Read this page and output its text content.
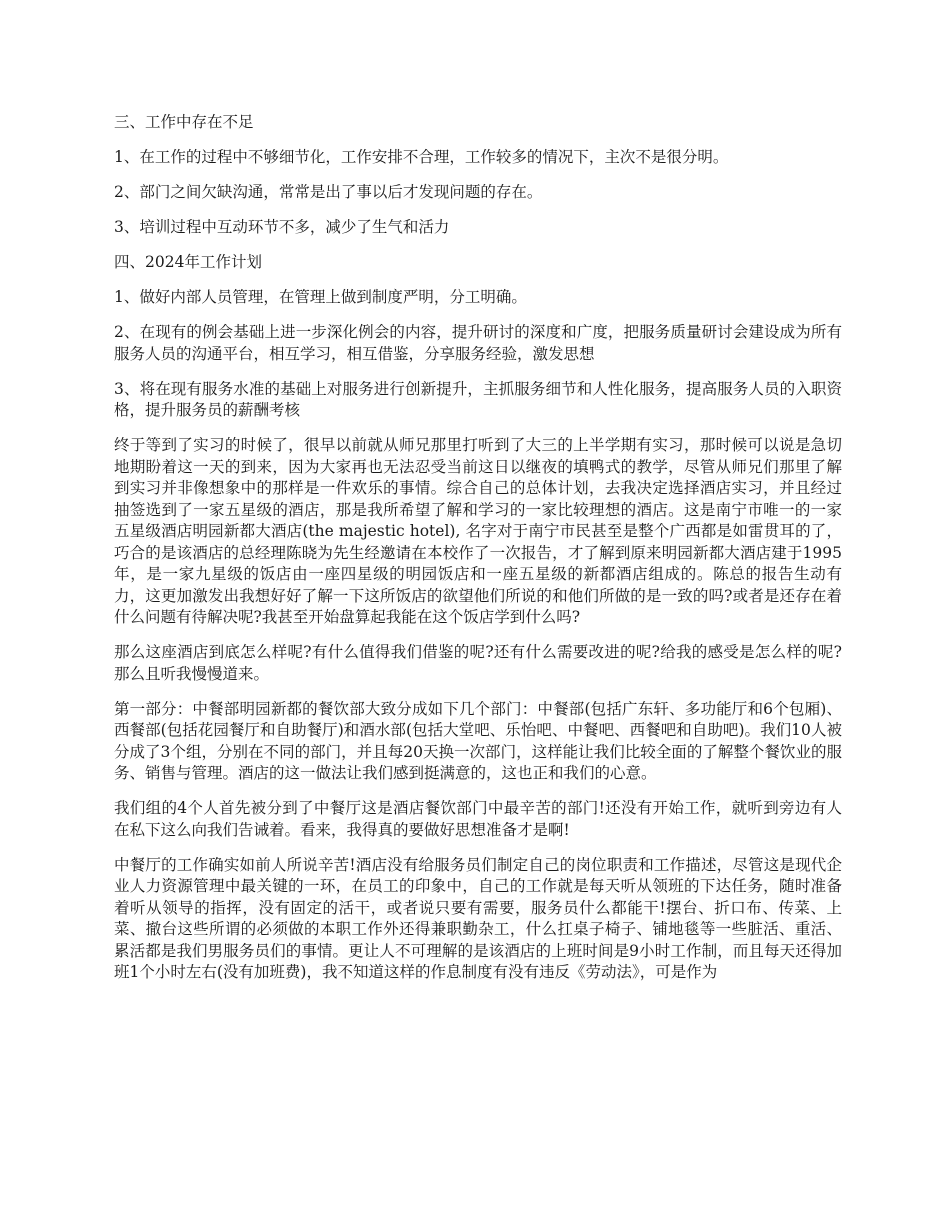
三、工作中存在不足

1、在工作的过程中不够细节化，工作安排不合理，工作较多的情况下，主次不是很分明。

2、部门之间欠缺沟通，常常是出了事以后才发现问题的存在。

3、培训过程中互动环节不多，减少了生气和活力

四、2024年工作计划

1、做好内部人员管理，在管理上做到制度严明，分工明确。

2、在现有的例会基础上进一步深化例会的内容，提升研讨的深度和广度，把服务质量研讨会建设成为所有服务人员的沟通平台，相互学习，相互借鉴，分享服务经验，激发思想

3、将在现有服务水准的基础上对服务进行创新提升，主抓服务细节和人性化服务，提高服务人员的入职资格，提升服务员的薪酬考核

终于等到了实习的时候了，很早以前就从师兄那里打听到了大三的上半学期有实习，那时候可以说是急切地期盼着这一天的到来，因为大家再也无法忍受当前这日以继夜的填鸭式的教学，尽管从师兄们那里了解到实习并非像想象中的那样是一件欢乐的事情。综合自己的总体计划，去我决定选择酒店实习，并且经过抽签选到了一家五星级的酒店，那是我所希望了解和学习的一家比较理想的酒店。这是南宁市唯一的一家五星级酒店明园新都大酒店(the majestic hotel), 名字对于南宁市民甚至是整个广西都是如雷贯耳的了，巧合的是该酒店的总经理陈晓为先生经邀请在本校作了一次报告，才了解到原来明园新都大酒店建于1995年，是一家九星级的饭店由一座四星级的明园饭店和一座五星级的新都酒店组成的。陈总的报告生动有力，这更加激发出我想好好了解一下这所饭店的欲望他们所说的和他们所做的是一致的吗?或者是还存在着什么问题有待解决呢?我甚至开始盘算起我能在这个饭店学到什么吗?

那么这座酒店到底怎么样呢?有什么值得我们借鉴的呢?还有什么需要改进的呢?给我的感受是怎么样的呢?那么且听我慢慢道来。

第一部分：中餐部明园新都的餐饮部大致分成如下几个部门：中餐部(包括广东轩、多功能厅和6个包厢)、西餐部(包括花园餐厅和自助餐厅)和酒水部(包括大堂吧、乐怡吧、中餐吧、西餐吧和自助吧)。我们10人被分成了3个组，分别在不同的部门，并且每20天换一次部门，这样能让我们比较全面的了解整个餐饮业的服务、销售与管理。酒店的这一做法让我们感到挺满意的，这也正和我们的心意。

我们组的4个人首先被分到了中餐厅这是酒店餐饮部门中最辛苦的部门!还没有开始工作，就听到旁边有人在私下这么向我们告诫着。看来，我得真的要做好思想准备才是啊!

中餐厅的工作确实如前人所说辛苦!酒店没有给服务员们制定自己的岗位职责和工作描述，尽管这是现代企业人力资源管理中最关键的一环，在员工的印象中，自己的工作就是每天听从领班的下达任务，随时准备着听从领导的指挥，没有固定的活干，或者说只要有需要，服务员什么都能干!摆台、折口布、传菜、上菜、撤台这些所谓的必须做的本职工作外还得兼职勤杂工，什么扛桌子椅子、铺地毯等一些脏活、重活、累活都是我们男服务员们的事情。更让人不可理解的是该酒店的上班时间是9小时工作制，而且每天还得加班1个小时左右(没有加班费)，我不知道这样的作息制度有没有违反《劳动法》，可是作为
